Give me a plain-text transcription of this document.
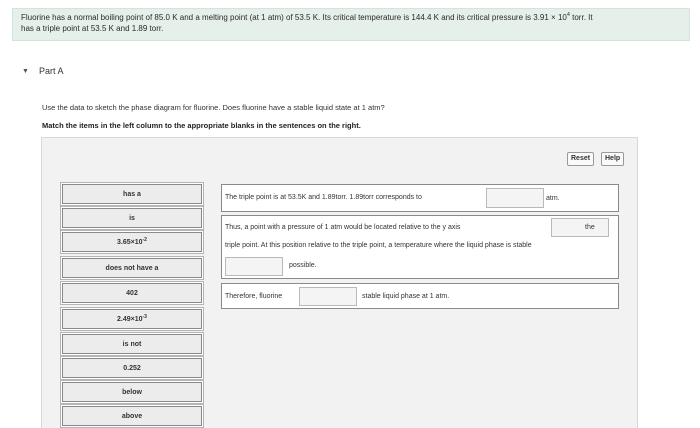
Fluorine has a normal boiling point of 85.0 K and a melting point (at 1 atm) of 53.5 K. Its critical temperature is 144.4 K and its critical pressure is $3.91 \times 10^4$ torr. It
has a triple point at 53.5 K and 1.89 torr.
▼ Part A
Use the data to sketch the phase diagram for fluorine. Does fluorine have a stable liquid state at 1 atm?
Match the items in the left column to the appropriate blanks in the sentences on the right.
Reset	Help
has a
is
$3.65\times 10^{-2}$
does not have a
402
$2.49\times 10^{-3}$
is not
0.252
below
above
The triple point is at 53.5K and 1.89torr. 1.89torr corresponds to	atm.
Thus, a point with a pressure of 1 atm would be located relative to the y axis	the
triple point. At this position relative to the triple point, a temperature where the liquid phase is stable
possible.
Therefore, fluorine	stable liquid phase at 1 atm.
